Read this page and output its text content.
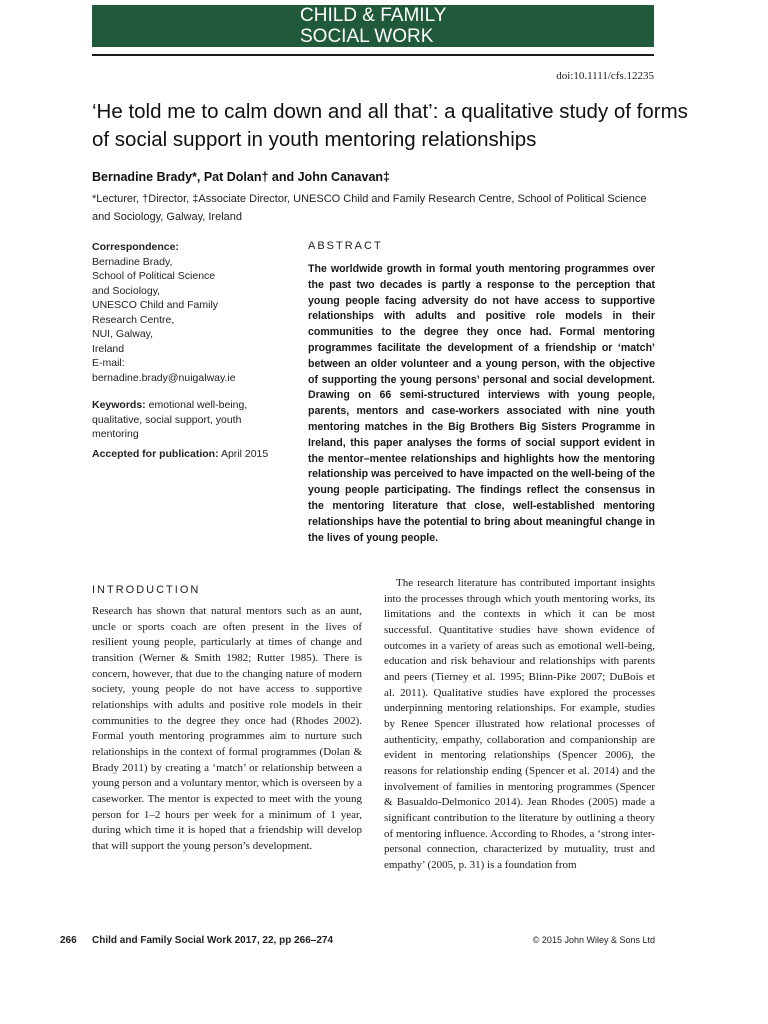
CHILD & FAMILY
SOCIAL WORK
doi:10.1111/cfs.12235
‘He told me to calm down and all that’: a qualitative study of forms of social support in youth mentoring relationships
Bernadine Brady*, Pat Dolan† and John Canavan‡
*Lecturer, †Director, ‡Associate Director, UNESCO Child and Family Research Centre, School of Political Science and Sociology, Galway, Ireland
Correspondence:
Bernadine Brady,
School of Political Science
and Sociology,
UNESCO Child and Family
Research Centre,
NUI, Galway,
Ireland
E-mail:
bernadine.brady@nuigalway.ie
Keywords: emotional well-being, qualitative, social support, youth mentoring
Accepted for publication: April 2015
ABSTRACT
The worldwide growth in formal youth mentoring programmes over the past two decades is partly a response to the perception that young people facing adversity do not have access to supportive relationships with adults and positive role models in their communities to the degree they once had. Formal mentoring programmes facilitate the development of a friendship or ‘match’ between an older volunteer and a young person, with the objective of supporting the young persons’ personal and social development. Drawing on 66 semi-structured interviews with young people, parents, mentors and case-workers associated with nine youth mentoring matches in the Big Brothers Big Sisters Programme in Ireland, this paper analyses the forms of social support evident in the mentor–mentee relationships and highlights how the mentoring relationship was perceived to have impacted on the well-being of the young people participating. The findings reflect the consensus in the mentoring literature that close, well-established mentoring relationships have the potential to bring about meaningful change in the lives of young people.
INTRODUCTION
Research has shown that natural mentors such as an aunt, uncle or sports coach are often present in the lives of resilient young people, particularly at times of change and transition (Werner & Smith 1982; Rutter 1985). There is concern, however, that due to the changing nature of modern society, young people do not have access to supportive relationships with adults and positive role models in their communities to the degree they once had (Rhodes 2002). Formal youth mentoring programmes aim to nurture such relationships in the context of formal programmes (Dolan & Brady 2011) by creating a ‘match’ or relationship between a young person and a voluntary mentor, which is overseen by a caseworker. The mentor is expected to meet with the young person for 1–2 hours per week for a minimum of 1 year, during which time it is hoped that a friendship will develop that will support the young person’s development.
The research literature has contributed important insights into the processes through which youth mentoring works, its limitations and the contexts in which it can be most successful. Quantitative studies have shown evidence of outcomes in a variety of areas such as emotional well-being, education and risk behaviour and relationships with parents and peers (Tierney et al. 1995; Blinn-Pike 2007; DuBois et al. 2011). Qualitative studies have explored the processes underpinning mentoring relationships. For example, studies by Renee Spencer illustrated how relational processes of authenticity, empathy, collaboration and companionship are evident in mentoring relationships (Spencer 2006), the reasons for relationship ending (Spencer et al. 2014) and the involvement of families in mentoring programmes (Spencer & Basualdo-Delmonico 2014). Jean Rhodes (2005) made a significant contribution to the literature by outlining a theory of mentoring influence. According to Rhodes, a ‘strong inter-personal connection, characterized by mutuality, trust and empathy’ (2005, p. 31) is a foundation from
266 Child and Family Social Work 2017, 22, pp 266–274	© 2015 John Wiley & Sons Ltd
